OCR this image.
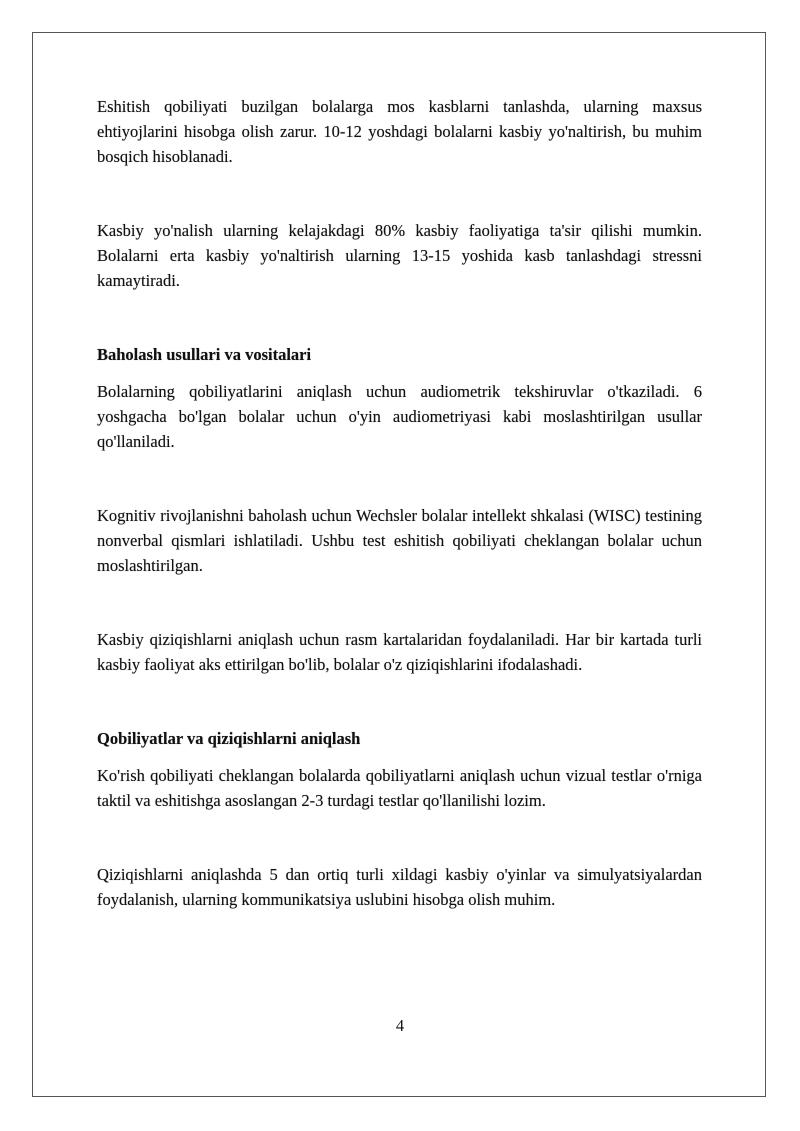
Eshitish qobiliyati buzilgan bolalarga mos kasblarni tanlashda, ularning maxsus ehtiyojlarini hisobga olish zarur. 10-12 yoshdagi bolalarni kasbiy yo'naltirish, bu muhim bosqich hisoblanadi.

Kasbiy yo'nalish ularning kelajakdagi 80% kasbiy faoliyatiga ta'sir qilishi mumkin. Bolalarni erta kasbiy yo'naltirish ularning 13-15 yoshida kasb tanlashdagi stressni kamaytiradi.

Baholash usullari va vositalari

Bolalarning qobiliyatlarini aniqlash uchun audiometrik tekshiruvlar o'tkaziladi. 6 yoshgacha bo'lgan bolalar uchun o'yin audiometriyasi kabi moslashtirilgan usullar qo'llaniladi.

Kognitiv rivojlanishni baholash uchun Wechsler bolalar intellekt shkalasi (WISC) testining nonverbal qismlari ishlatiladi. Ushbu test eshitish qobiliyati cheklangan bolalar uchun moslashtirilgan.

Kasbiy qiziqishlarni aniqlash uchun rasm kartalaridan foydalaniladi. Har bir kartada turli kasbiy faoliyat aks ettirilgan bo'lib, bolalar o'z qiziqishlarini ifodalashadi.

Qobiliyatlar va qiziqishlarni aniqlash

Ko'rish qobiliyati cheklangan bolalarda qobiliyatlarni aniqlash uchun vizual testlar o'rniga taktil va eshitishga asoslangan 2-3 turdagi testlar qo'llanilishi lozim.

Qiziqishlarni aniqlashda 5 dan ortiq turli xildagi kasbiy o'yinlar va simulyatsiyalardan foydalanish, ularning kommunikatsiya uslubini hisobga olish muhim.

4
